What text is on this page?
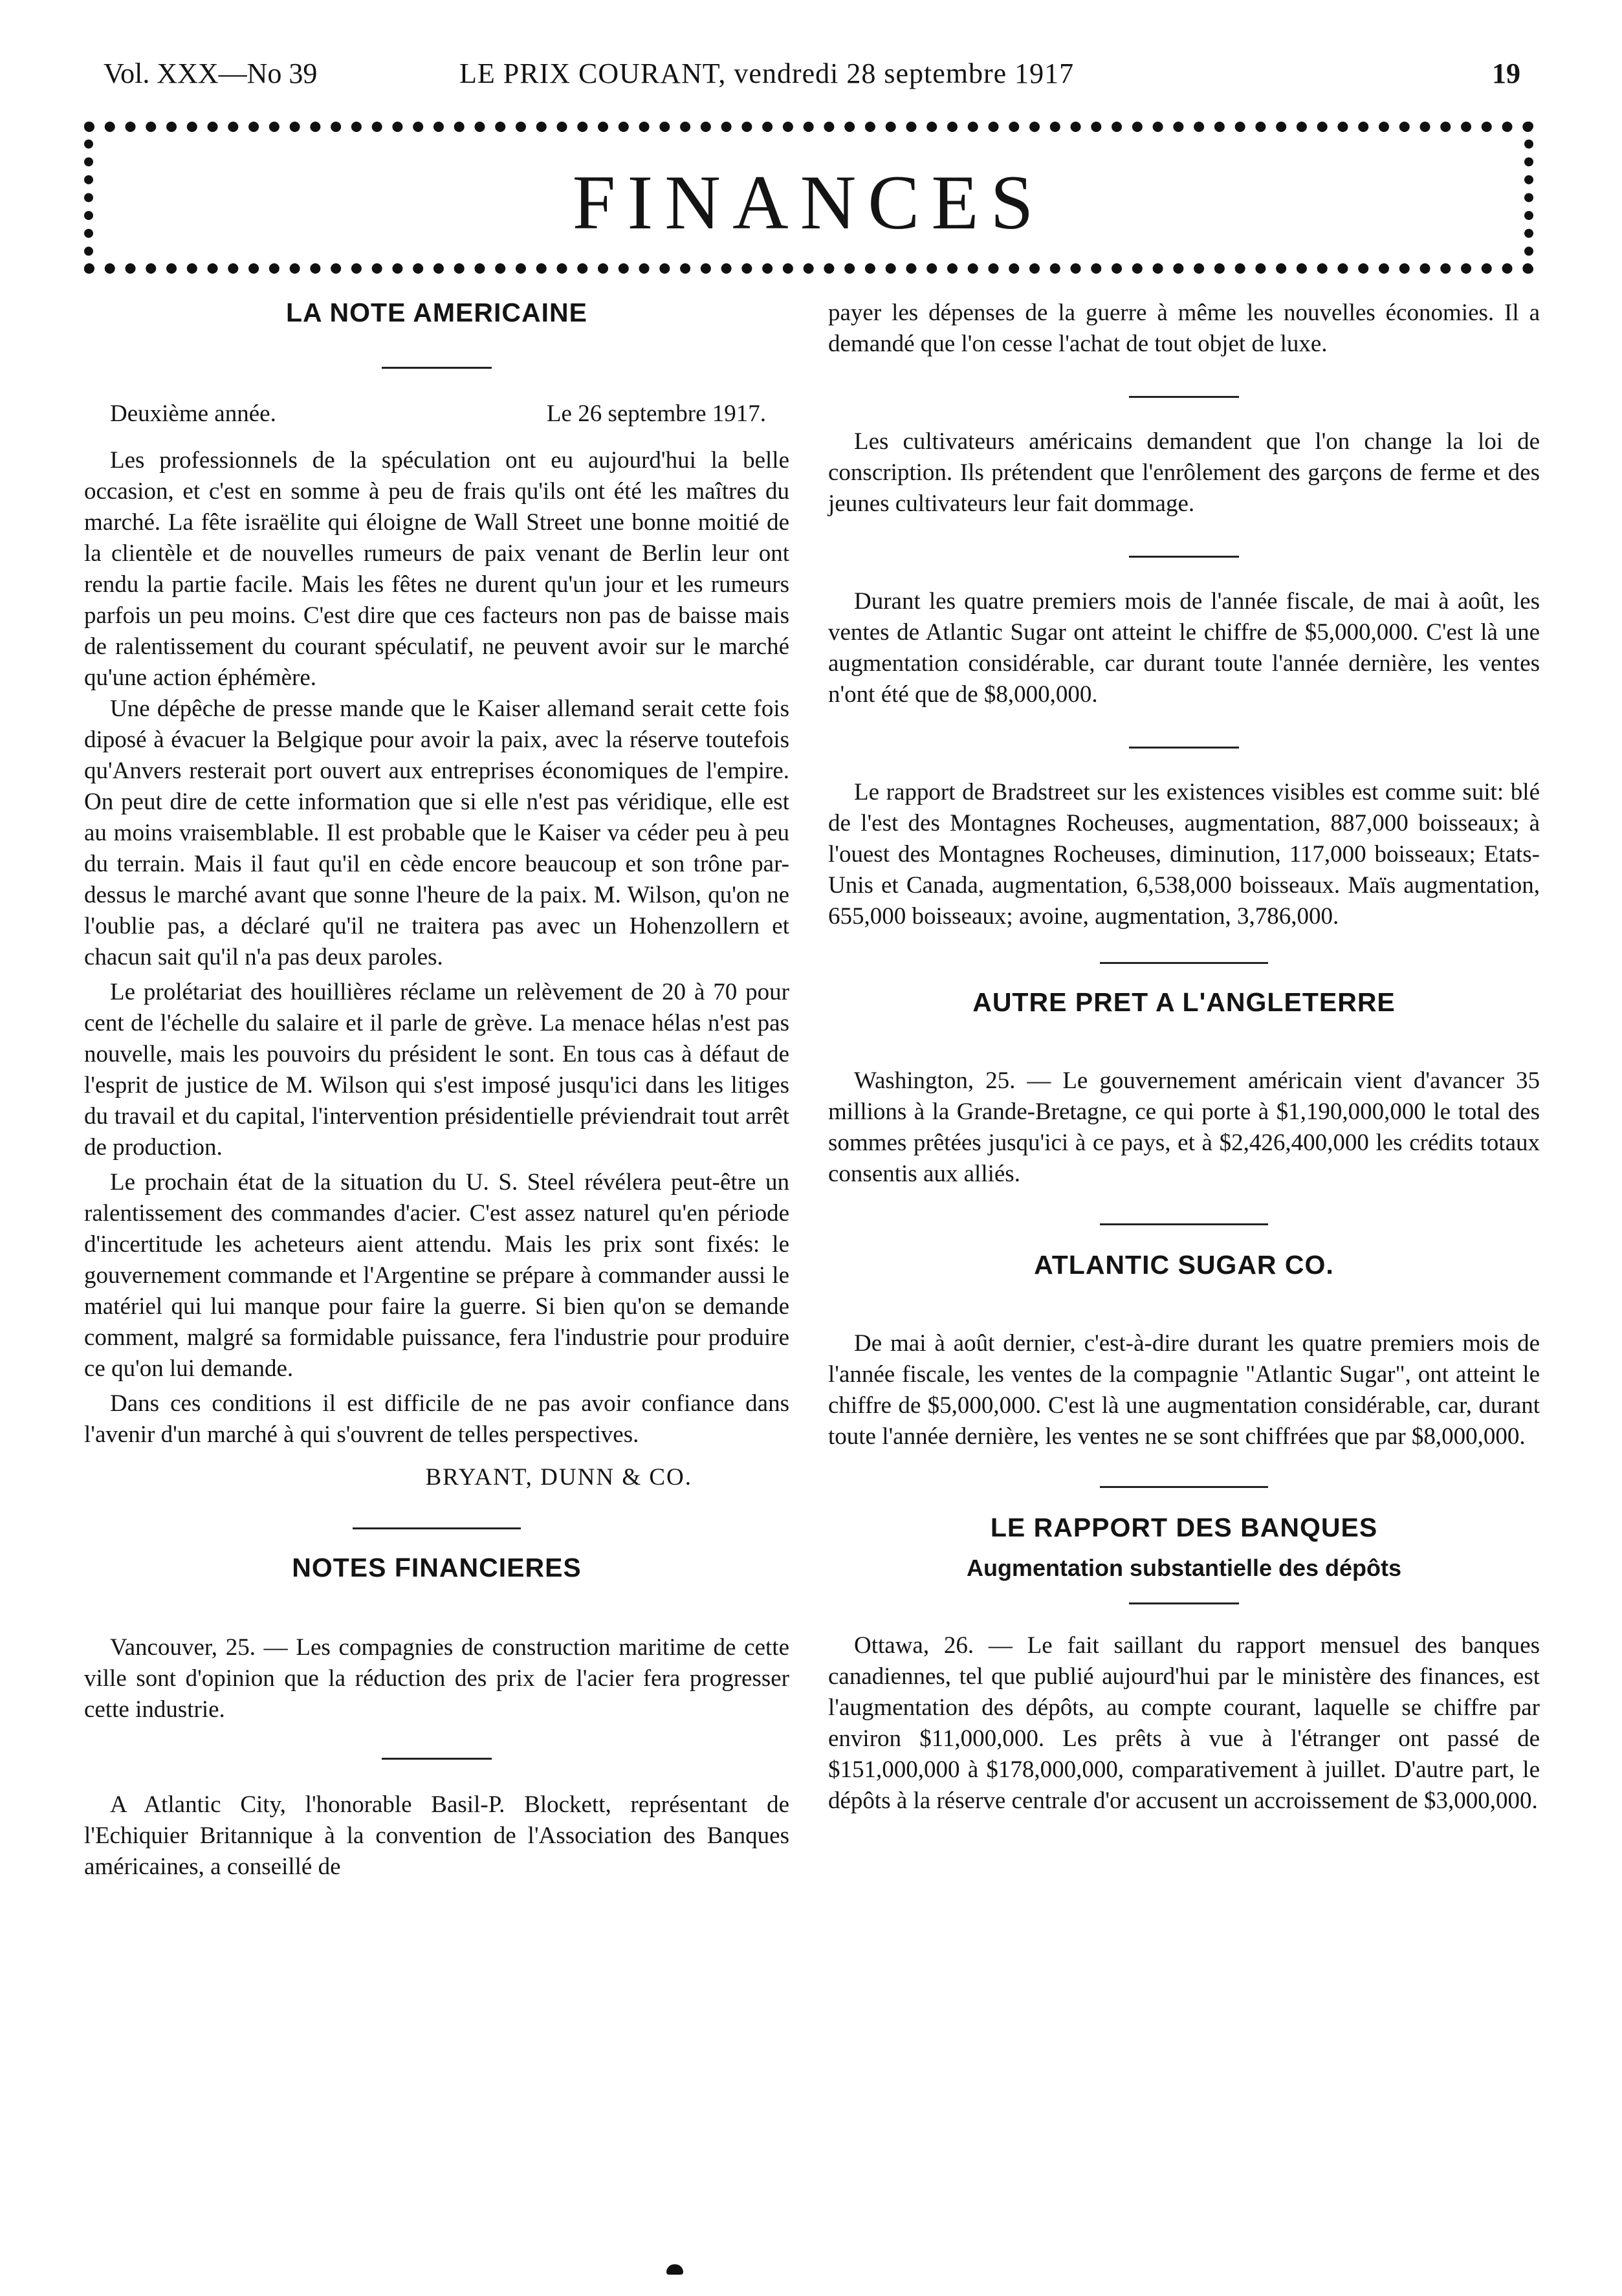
Vol. XXX—No 39	LE PRIX COURANT, vendredi 28 septembre 1917	19
FINANCES
LA NOTE AMERICAINE
Deuxième année.	Le 26 septembre 1917.

Les professionnels de la spéculation ont eu aujourd'hui la belle occasion, et c'est en somme à peu de frais qu'ils ont été les maîtres du marché. La fête israëlite qui éloigne de Wall Street une bonne moitié de la clientèle et de nouvelles rumeurs de paix venant de Berlin leur ont rendu la partie facile. Mais les fêtes ne durent qu'un jour et les rumeurs parfois un peu moins. C'est dire que ces facteurs non pas de baisse mais de ralentissement du courant spéculatif, ne peuvent avoir sur le marché qu'une action éphémère.

Une dépêche de presse mande que le Kaiser allemand serait cette fois diposé à évacuer la Belgique pour avoir la paix, avec la réserve toutefois qu'Anvers resterait port ouvert aux entreprises économiques de l'empire. On peut dire de cette information que si elle n'est pas véridique, elle est au moins vraisemblable. Il est probable que le Kaiser va céder peu à peu du terrain. Mais il faut qu'il en cède encore beaucoup et son trône par-dessus le marché avant que sonne l'heure de la paix. M. Wilson, qu'on ne l'oublie pas, a déclaré qu'il ne traitera pas avec un Hohenzollern et chacun sait qu'il n'a pas deux paroles.

Le prolétariat des houillières réclame un relèvement de 20 à 70 pour cent de l'échelle du salaire et il parle de grève. La menace hélas n'est pas nouvelle, mais les pouvoirs du président le sont. En tous cas à défaut de l'esprit de justice de M. Wilson qui s'est imposé jusqu'ici dans les litiges du travail et du capital, l'intervention présidentielle préviendrait tout arrêt de production.

Le prochain état de la situation du U. S. Steel révélera peut-être un ralentissement des commandes d'acier. C'est assez naturel qu'en période d'incertitude les acheteurs aient attendu. Mais les prix sont fixés: le gouvernement commande et l'Argentine se prépare à commander aussi le matériel qui lui manque pour faire la guerre. Si bien qu'on se demande comment, malgré sa formidable puissance, fera l'industrie pour produire ce qu'on lui demande.

Dans ces conditions il est difficile de ne pas avoir confiance dans l'avenir d'un marché à qui s'ouvrent de telles perspectives.

BRYANT, DUNN & CO.
NOTES FINANCIERES

Vancouver, 25. — Les compagnies de construction maritime de cette ville sont d'opinion que la réduction des prix de l'acier fera progresser cette industrie.

A Atlantic City, l'honorable Basil-P. Blockett, représentant de l'Echiquier Britannique à la convention de l'Association des Banques américaines, a conseillé de

payer les dépenses de la guerre à même les nouvelles économies. Il a demandé que l'on cesse l'achat de tout objet de luxe.

Les cultivateurs américains demandent que l'on change la loi de conscription. Ils prétendent que l'enrôlement des garçons de ferme et des jeunes cultivateurs leur fait dommage.

Durant les quatre premiers mois de l'année fiscale, de mai à août, les ventes de Atlantic Sugar ont atteint le chiffre de $5,000,000. C'est là une augmentation considérable, car durant toute l'année dernière, les ventes n'ont été que de $8,000,000.

Le rapport de Bradstreet sur les existences visibles est comme suit: blé de l'est des Montagnes Rocheuses, augmentation, 887,000 boisseaux; à l'ouest des Montagnes Rocheuses, diminution, 117,000 boisseaux; Etats-Unis et Canada, augmentation, 6,538,000 boisseaux. Maïs augmentation, 655,000 boisseaux; avoine, augmentation, 3,786,000.

AUTRE PRET A L'ANGLETERRE

Washington, 25. — Le gouvernement américain vient d'avancer 35 millions à la Grande-Bretagne, ce qui porte à $1,190,000,000 le total des sommes prêtées jusqu'ici à ce pays, et à $2,426,400,000 les crédits totaux consentis aux alliés.

ATLANTIC SUGAR CO.

De mai à août dernier, c'est-à-dire durant les quatre premiers mois de l'année fiscale, les ventes de la compagnie "Atlantic Sugar", ont atteint le chiffre de $5,000,000. C'est là une augmentation considérable, car, durant toute l'année dernière, les ventes ne se sont chiffrées que par $8,000,000.

LE RAPPORT DES BANQUES
Augmentation substantielle des dépôts

Ottawa, 26. — Le fait saillant du rapport mensuel des banques canadiennes, tel que publié aujourd'hui par le ministère des finances, est l'augmentation des dépôts, au compte courant, laquelle se chiffre par environ $11,000,000. Les prêts à vue à l'étranger ont passé de $151,000,000 à $178,000,000, comparativement à juillet. D'autre part, le dépôts à la réserve centrale d'or accusent un accroissement de $3,000,000.
